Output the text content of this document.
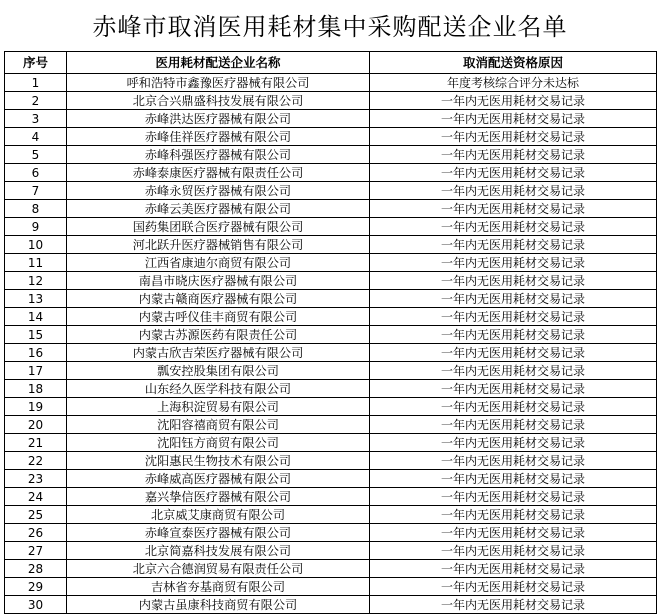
赤峰市取消医用耗材集中采购配送企业名单
序号	医用耗材配送企业名称	取消配送资格原因
1	呼和浩特市鑫豫医疗器械有限公司	年度考核综合评分未达标
2	北京合兴鼎盛科技发展有限公司	一年内无医用耗材交易记录
3	赤峰洪达医疗器械有限公司	一年内无医用耗材交易记录
4	赤峰佳祥医疗器械有限公司	一年内无医用耗材交易记录
5	赤峰科强医疗器械有限公司	一年内无医用耗材交易记录
6	赤峰泰康医疗器械有限责任公司	一年内无医用耗材交易记录
7	赤峰永贸医疗器械有限公司	一年内无医用耗材交易记录
8	赤峰云美医疗器械有限公司	一年内无医用耗材交易记录
9	国药集团联合医疗器械有限公司	一年内无医用耗材交易记录
10	河北跃升医疗器械销售有限公司	一年内无医用耗材交易记录
11	江西省康迪尔商贸有限公司	一年内无医用耗材交易记录
12	南昌市晓庆医疗器械有限公司	一年内无医用耗材交易记录
13	内蒙古赣商医疗器械有限公司	一年内无医用耗材交易记录
14	内蒙古呼仪佳丰商贸有限公司	一年内无医用耗材交易记录
15	内蒙古苏源医药有限责任公司	一年内无医用耗材交易记录
16	内蒙古欣吉荣医疗器械有限公司	一年内无医用耗材交易记录
17	瓢安控股集团有限公司	一年内无医用耗材交易记录
18	山东经久医学科技有限公司	一年内无医用耗材交易记录
19	上海积淀贸易有限公司	一年内无医用耗材交易记录
20	沈阳容禧商贸有限公司	一年内无医用耗材交易记录
21	沈阳钰方商贸有限公司	一年内无医用耗材交易记录
22	沈阳惠民生物技术有限公司	一年内无医用耗材交易记录
23	赤峰威高医疗器械有限公司	一年内无医用耗材交易记录
24	嘉兴挚信医疗器械有限公司	一年内无医用耗材交易记录
25	北京威艾康商贸有限公司	一年内无医用耗材交易记录
26	赤峰宣泰医疗器械有限公司	一年内无医用耗材交易记录
27	北京简嘉科技发展有限公司	一年内无医用耗材交易记录
28	北京六合德润贸易有限责任公司	一年内无医用耗材交易记录
29	吉林省夯基商贸有限公司	一年内无医用耗材交易记录
30	内蒙古虽康科技商贸有限公司	一年内无医用耗材交易记录
